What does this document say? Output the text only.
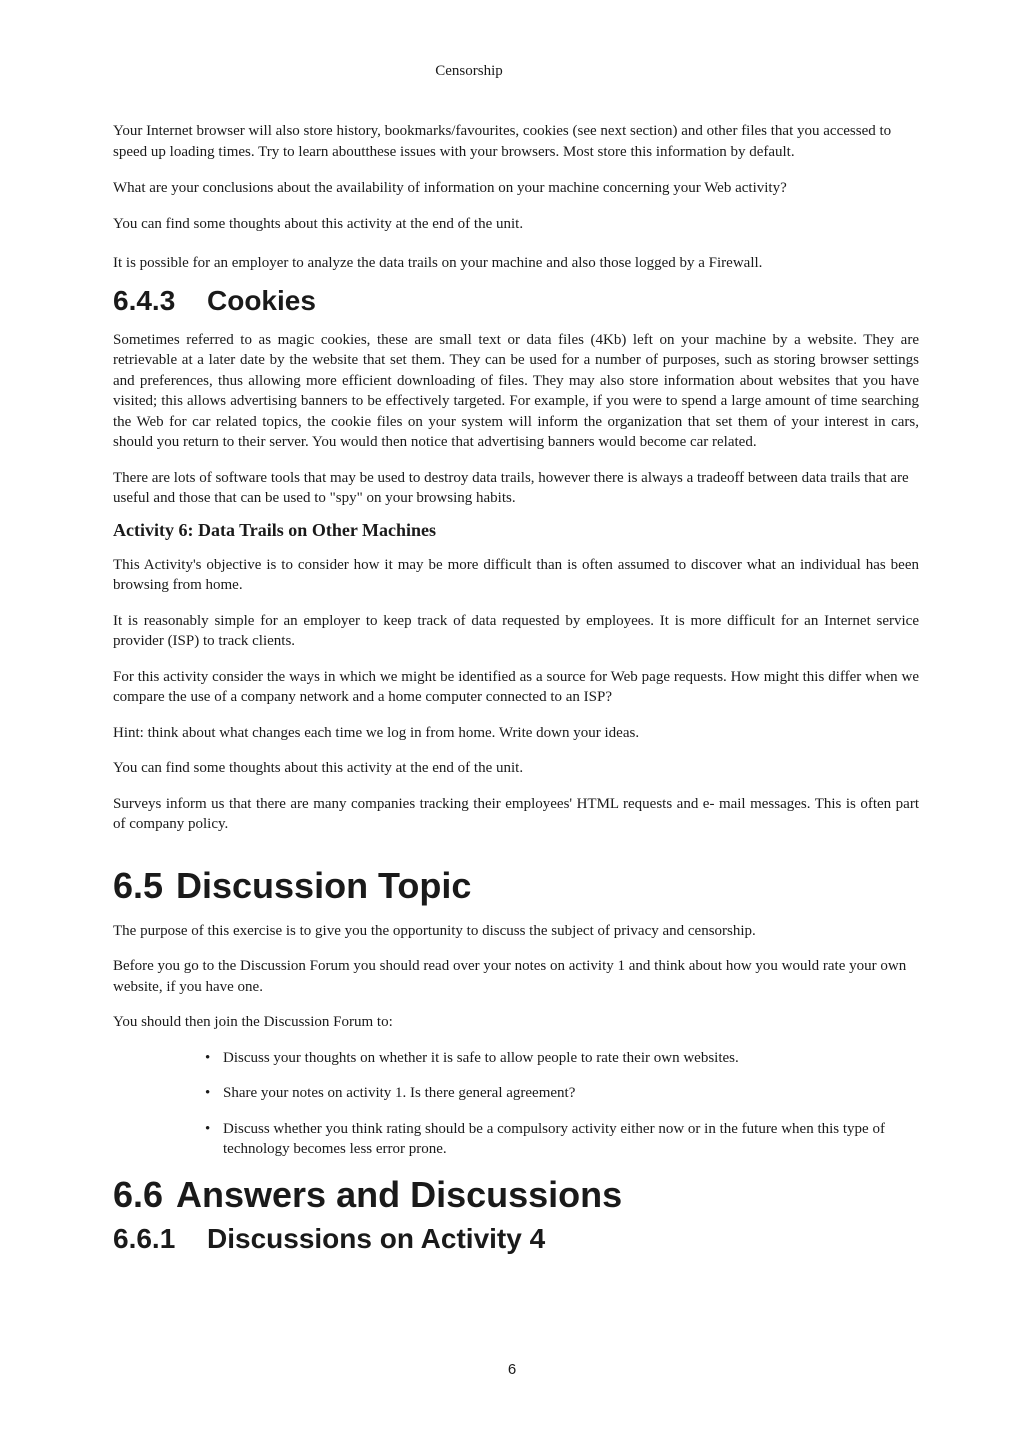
Censorship

Your Internet browser will also store history, bookmarks/favourites, cookies (see next section) and other files that you accessed to speed up loading times. Try to learn aboutthese issues with your browsers. Most store this information by default.

What are your conclusions about the availability of information on your machine concerning your Web activity?

You can find some thoughts about this activity at the end of the unit.

It is possible for an employer to analyze the data trails on your machine and also those logged by a Firewall.

6.4.3 Cookies

Sometimes referred to as magic cookies, these are small text or data files (4Kb) left on your machine by a website. They are retrievable at a later date by the website that set them. They can be used for a number of purposes, such as storing browser settings and preferences, thus allowing more efficient downloading of files. They may also store information about websites that you have visited; this allows advertising banners to be effectively targeted. For example, if you were to spend a large amount of time searching the Web for car related topics, the cookie files on your system will inform the organization that set them of your interest in cars, should you return to their server. You would then notice that advertising banners would become car related.

There are lots of software tools that may be used to destroy data trails, however there is always a tradeoff between data trails that are useful and those that can be used to "spy" on your browsing habits.

Activity 6: Data Trails on Other Machines

This Activity's objective is to consider how it may be more difficult than is often assumed to discover what an individual has been browsing from home.

It is reasonably simple for an employer to keep track of data requested by employees. It is more difficult for an Internet service provider (ISP) to track clients.

For this activity consider the ways in which we might be identified as a source for Web page requests. How might this differ when we compare the use of a company network and a home computer connected to an ISP?

Hint: think about what changes each time we log in from home. Write down your ideas.

You can find some thoughts about this activity at the end of the unit.

Surveys inform us that there are many companies tracking their employees' HTML requests and e- mail messages. This is often part of company policy.

6.5 Discussion Topic

The purpose of this exercise is to give you the opportunity to discuss the subject of privacy and censorship.

Before you go to the Discussion Forum you should read over your notes on activity 1 and think about how you would rate your own website, if you have one.

You should then join the Discussion Forum to:

• Discuss your thoughts on whether it is safe to allow people to rate their own websites.
• Share your notes on activity 1. Is there general agreement?
• Discuss whether you think rating should be a compulsory activity either now or in the future when this type of technology becomes less error prone.
6.6 Answers and Discussions
6.6.1 Discussions on Activity 4
6
